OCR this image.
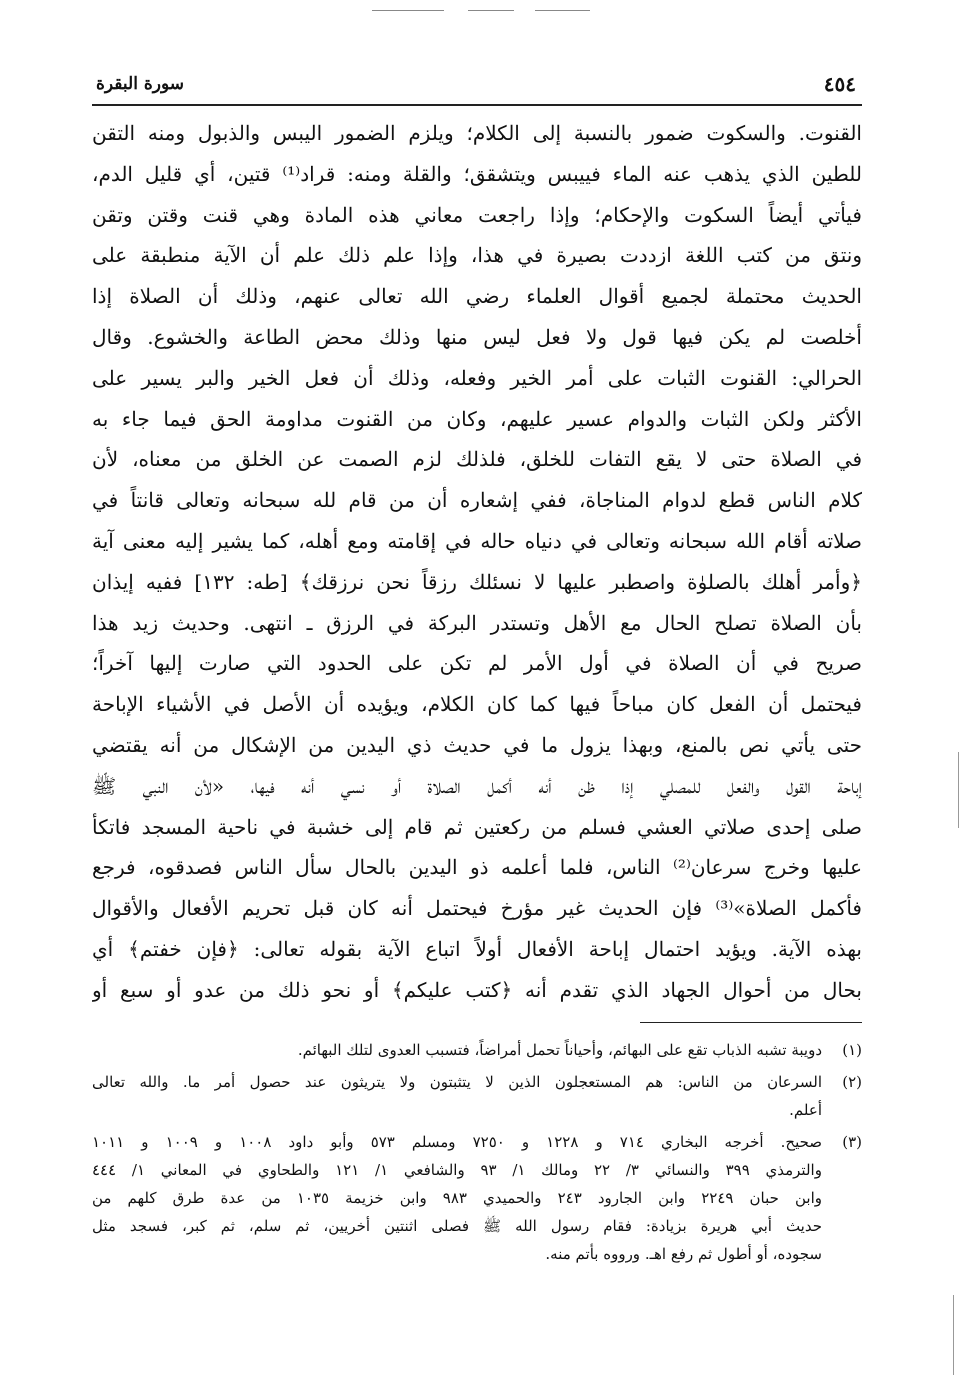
٤٥٤
سورة البقرة
القنوت. والسكوت ضمور بالنسبة إلى الكلام؛ ويلزم الضمور اليبس والذبول ومنه التقن
للطين الذي يذهب عنه الماء فييبس ويتشقق؛ والقلة ومنه: قراد⁽¹⁾ قتين، أي قليل الدم،
فيأتي أيضاً السكوت والإحكام؛ وإذا راجعت معاني هذه المادة وهي قنت وقتن وتقن
ونتق من كتب اللغة ازددت بصيرة في هذا، وإذا علم ذلك علم أن الآية منطبقة على
الحديث محتملة لجميع أقوال العلماء رضي الله تعالى عنهم، وذلك أن الصلاة إذا
أخلصت لم يكن فيها قول ولا فعل ليس منها وذلك محض الطاعة والخشوع. وقال
الحرالي: القنوت الثبات على أمر الخير وفعله، وذلك أن فعل الخير والبر يسير على
الأكثر ولكن الثبات والدوام عسير عليهم، وكان من القنوت مداومة الحق فيما جاء به
في الصلاة حتى لا يقع التفات للخلق، فلذلك لزم الصمت عن الخلق من معناه، لأن
كلام الناس قطع لدوام المناجاة، ففي إشعاره أن من قام لله سبحانه وتعالى قانتاً في
صلاته أقام الله سبحانه وتعالى في دنياه حاله في إقامته ومع أهله، كما يشير إليه معنى آية
﴿وأمر أهلك بالصلوٰة واصطبر عليها لا نسئلك رزقاً نحن نرزقك﴾ [طه: ١٣٢] ففيه إيذان
بأن الصلاة تصلح الحال مع الأهل وتستدر البركة في الرزق ـ انتهى. وحديث زيد هذا
صريح في أن الصلاة في أول الأمر لم تكن على الحدود التي صارت إليها آخراً؛
فيحتمل أن الفعل كان مباحاً فيها كما كان الكلام، ويؤيده أن الأصل في الأشياء الإباحة
حتى يأتي نص بالمنع، وبهذا يزول ما في حديث ذي اليدين من الإشكال من أنه يقتضي
إباحة القول والفعل للمصلي إذا ظن أنه أكمل الصلاة أو نسي أنه فيها، «لأن النبي ﷺ
صلى إحدى صلاتي العشي فسلم من ركعتين ثم قام إلى خشبة في ناحية المسجد فاتكأ
عليها وخرج سرعان⁽²⁾ الناس، فلما أعلمه ذو اليدين بالحال سأل الناس فصدقوه، فرجع
فأكمل الصلاة»⁽³⁾ فإن الحديث غير مؤرخ فيحتمل أنه كان قبل تحريم الأفعال والأقوال
بهذه الآية. ويؤيد احتمال إباحة الأفعال أولاً اتباع الآية بقوله تعالى: ﴿فإن خفتم﴾ أي
بحال من أحوال الجهاد الذي تقدم أنه ﴿كتب عليكم﴾ أو نحو ذلك من عدو أو سبع أو
(١)
دويبة تشبه الذباب تقع على البهائم، وأحياناً تحمل أمراضاً، فتسبب العدوى لتلك البهائم.
(٢)
السرعان من الناس: هم المستعجلون الذين لا يتثبتون ولا يتريثون عند حصول أمر ما. والله تعالى
أعلم.
(٣)
صحيح. أخرجه البخاري ٧١٤ و ١٢٢٨ و ٧٢٥٠ ومسلم ٥٧٣ وأبو داود ١٠٠٨ و ١٠٠٩ و ١٠١١
والترمذي ٣٩٩ والنسائي ٣/ ٢٢ ومالك ١/ ٩٣ والشافعي ١/ ١٢١ والطحاوي في المعاني ١/ ٤٤٤
وابن حبان ٢٢٤٩ وابن الجارود ٢٤٣ والحميدي ٩٨٣ وابن خزيمة ١٠٣٥ من عدة طرق كلهم من
حديث أبي هريرة بزيادة: فقام رسول الله ﷺ فصلى اثنتين أخريين، ثم سلم، ثم كبر، فسجد مثل
سجوده، أو أطول ثم رفع اهـ. ورووه بأتم منه.
